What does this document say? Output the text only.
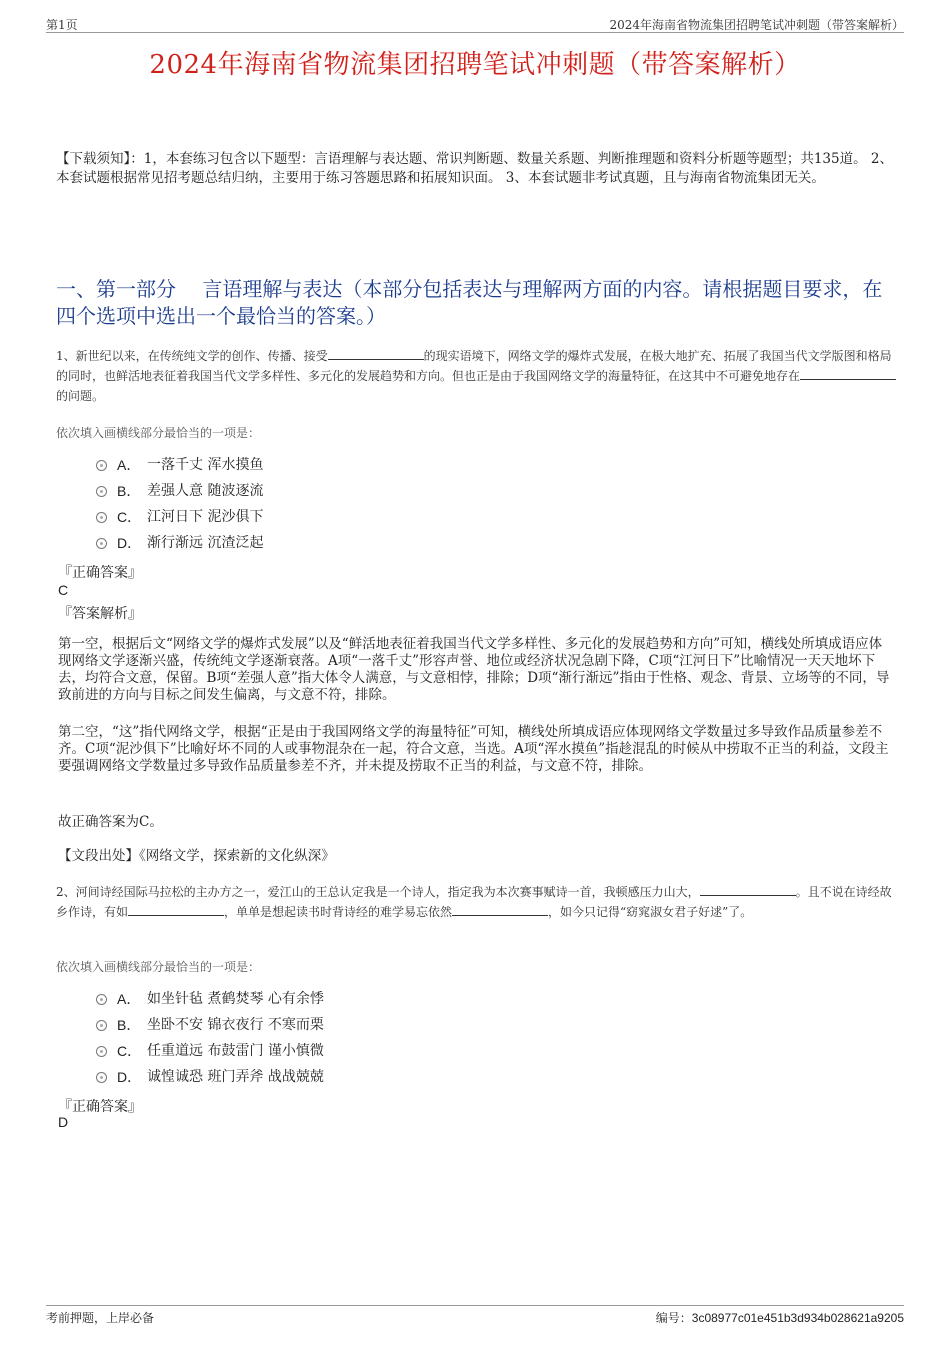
第1页	2024年海南省物流集团招聘笔试冲刺题（带答案解析）
2024年海南省物流集团招聘笔试冲刺题（带答案解析）
【下载须知】：1，本套练习包含以下题型：言语理解与表达题、常识判断题、数量关系题、判断推理题和资料分析题等题型；共135道。 2、本套试题根据常见招考题总结归纳，主要用于练习答题思路和拓展知识面。 3、本套试题非考试真题，且与海南省物流集团无关。
一、第一部分　 言语理解与表达（本部分包括表达与理解两方面的内容。请根据题目要求，在四个选项中选出一个最恰当的答案。）
1、新世纪以来，在传统纯文学的创作、传播、接受	的现实语境下，网络文学的爆炸式发展，在极大地扩充、拓展了我国当代文学版图和格局的同时，也鲜活地表征着我国当代文学多样性、多元化的发展趋势和方向。但也正是由于我国网络文学的海量特征，在这其中不可避免地存在的问题。
依次填入画横线部分最恰当的一项是：
A． 一落千丈 浑水摸鱼
B． 差强人意 随波逐流
C． 江河日下 泥沙俱下
D． 渐行渐远 沉渣泛起
『正确答案』
C
『答案解析』
第一空，根据后文“网络文学的爆炸式发展”以及“鲜活地表征着我国当代文学多样性、多元化的发展趋势和方向”可知，横线处所填成语应体现网络文学逐渐兴盛，传统纯文学逐渐衰落。A项“一落千丈”形容声誉、地位或经济状况急剧下降，C项“江河日下”比喻情况一天天地坏下去，均符合文意，保留。B项“差强人意”指大体令人满意，与文意相悖，排除；D项“渐行渐远”指由于性格、观念、背景、立场等的不同，导致前进的方向与目标之间发生偏离，与文意不符，排除。
第二空，“这”指代网络文学，根据“正是由于我国网络文学的海量特征”可知，横线处所填成语应体现网络文学数量过多导致作品质量参差不齐。C项“泥沙俱下”比喻好坏不同的人或事物混杂在一起，符合文意，当选。A项“浑水摸鱼”指趁混乱的时候从中捞取不正当的利益，文段主要强调网络文学数量过多导致作品质量参差不齐，并未提及捞取不正当的利益，与文意不符，排除。
故正确答案为C。
【文段出处】《网络文学，探索新的文化纵深》
2、河间诗经国际马拉松的主办方之一，爱江山的王总认定我是一个诗人，指定我为本次赛事赋诗一首，我顿感压力山大，	。且不说在诗经故乡作诗，有如	，单单是想起读书时背诗经的难学易忘依然	，如今只记得“窈窕淑女君子好逑”了。
依次填入画横线部分最恰当的一项是：
A． 如坐针毡 煮鹤焚琴 心有余悸
B． 坐卧不安 锦衣夜行 不寒而栗
C． 任重道远 布鼓雷门 谨小慎微
D． 诚惶诚恐 班门弄斧 战战兢兢
『正确答案』
D
考前押题，上岸必备	编号：3c08977c01e451b3d934b028621a9205
